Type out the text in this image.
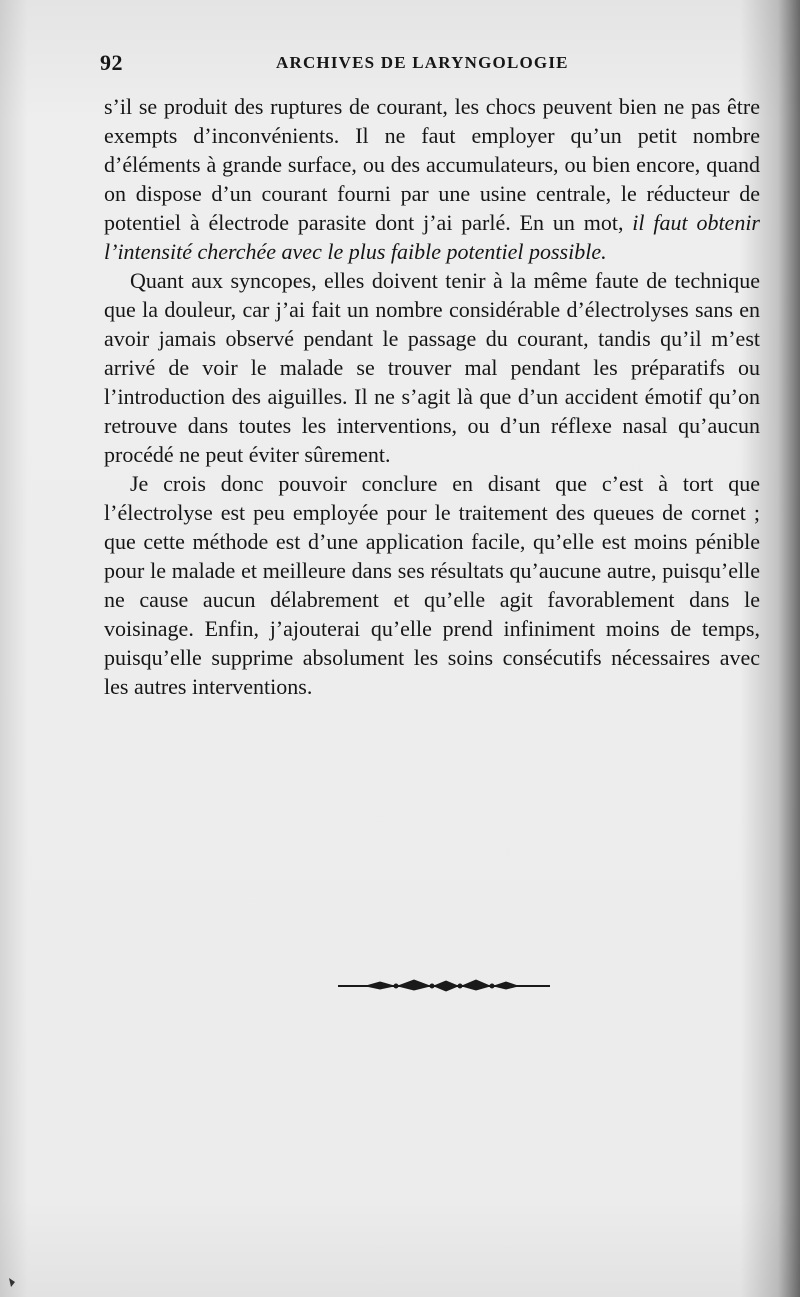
92	ARCHIVES DE LARYNGOLOGIE

s’il se produit des ruptures de courant, les chocs peuvent bien ne pas être exempts d’inconvénients. Il ne faut employer qu’un petit nombre d’éléments à grande surface, ou des accumulateurs, ou bien encore, quand on dispose d’un courant fourni par une usine centrale, le réducteur de potentiel à électrode parasite dont j’ai parlé. En un mot, il faut obtenir l’intensité cherchée avec le plus faible potentiel possible.

Quant aux syncopes, elles doivent tenir à la même faute de technique que la douleur, car j’ai fait un nombre considérable d’électrolyses sans en avoir jamais observé pendant le passage du courant, tandis qu’il m’est arrivé de voir le malade se trouver mal pendant les préparatifs ou l’introduction des aiguilles. Il ne s’agit là que d’un accident émotif qu’on retrouve dans toutes les interventions, ou d’un réflexe nasal qu’aucun procédé ne peut éviter sûrement.

Je crois donc pouvoir conclure en disant que c’est à tort que l’électrolyse est peu employée pour le traitement des queues de cornet ; que cette méthode est d’une application facile, qu’elle est moins pénible pour le malade et meilleure dans ses résultats qu’aucune autre, puisqu’elle ne cause aucun délabrement et qu’elle agit favorablement dans le voisinage. Enfin, j’ajouterai qu’elle prend infiniment moins de temps, puisqu’elle supprime absolument les soins consécutifs nécessaires avec les autres interventions.
